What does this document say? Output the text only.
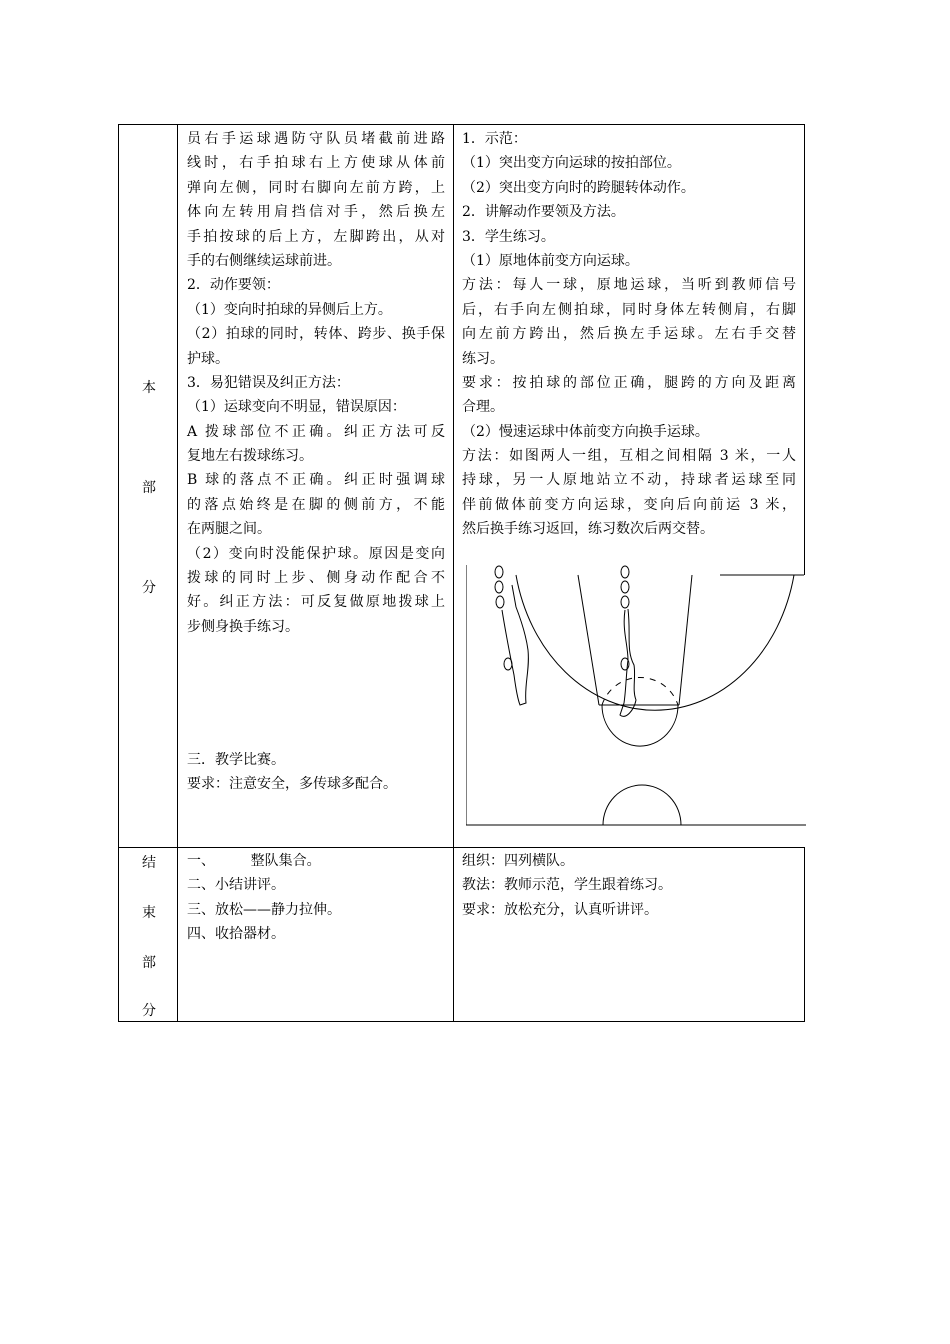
本
部
分
员右手运球遇防守队员堵截前进路
线时，右手拍球右上方使球从体前
弹向左侧，同时右脚向左前方跨，上
体向左转用肩挡信对手，然后换左
手拍按球的后上方，左脚跨出，从对
手的右侧继续运球前进。
2．动作要领：
（1）变向时拍球的异侧后上方。
（2）拍球的同时，转体、跨步、换手保
护球。
3．易犯错误及纠正方法：
（1）运球变向不明显，错误原因：
A 拨球部位不正确。纠正方法可反
复地左右拨球练习。
B 球的落点不正确。纠正时强调球
的落点始终是在脚的侧前方，不能
在两腿之间。
（2）变向时没能保护球。原因是变向
拨球的同时上步、侧身动作配合不
好。纠正方法：可反复做原地拨球上
步侧身换手练习。
三．教学比赛。
要求：注意安全，多传球多配合。
1．示范：
（1）突出变方向运球的按拍部位。
（2）突出变方向时的跨腿转体动作。
2．讲解动作要领及方法。
3．学生练习。
（1）原地体前变方向运球。
方法：每人一球，原地运球，当听到教师信号
后，右手向左侧拍球，同时身体左转侧肩，右脚
向左前方跨出，然后换左手运球。左右手交替
练习。
要求：按拍球的部位正确，腿跨的方向及距离
合理。
（2）慢速运球中体前变方向换手运球。
方法：如图两人一组，互相之间相隔 3 米，一人
持球，另一人原地站立不动，持球者运球至同
伴前做体前变方向运球，变向后向前运 3 米，
然后换手练习返回，练习数次后两交替。
结
束
部
分
一、        整队集合。
二、小结讲评。
三、放松——静力拉伸。
四、收拾器材。
组织：四列横队。
教法：教师示范，学生跟着练习。
要求：放松充分，认真听讲评。
